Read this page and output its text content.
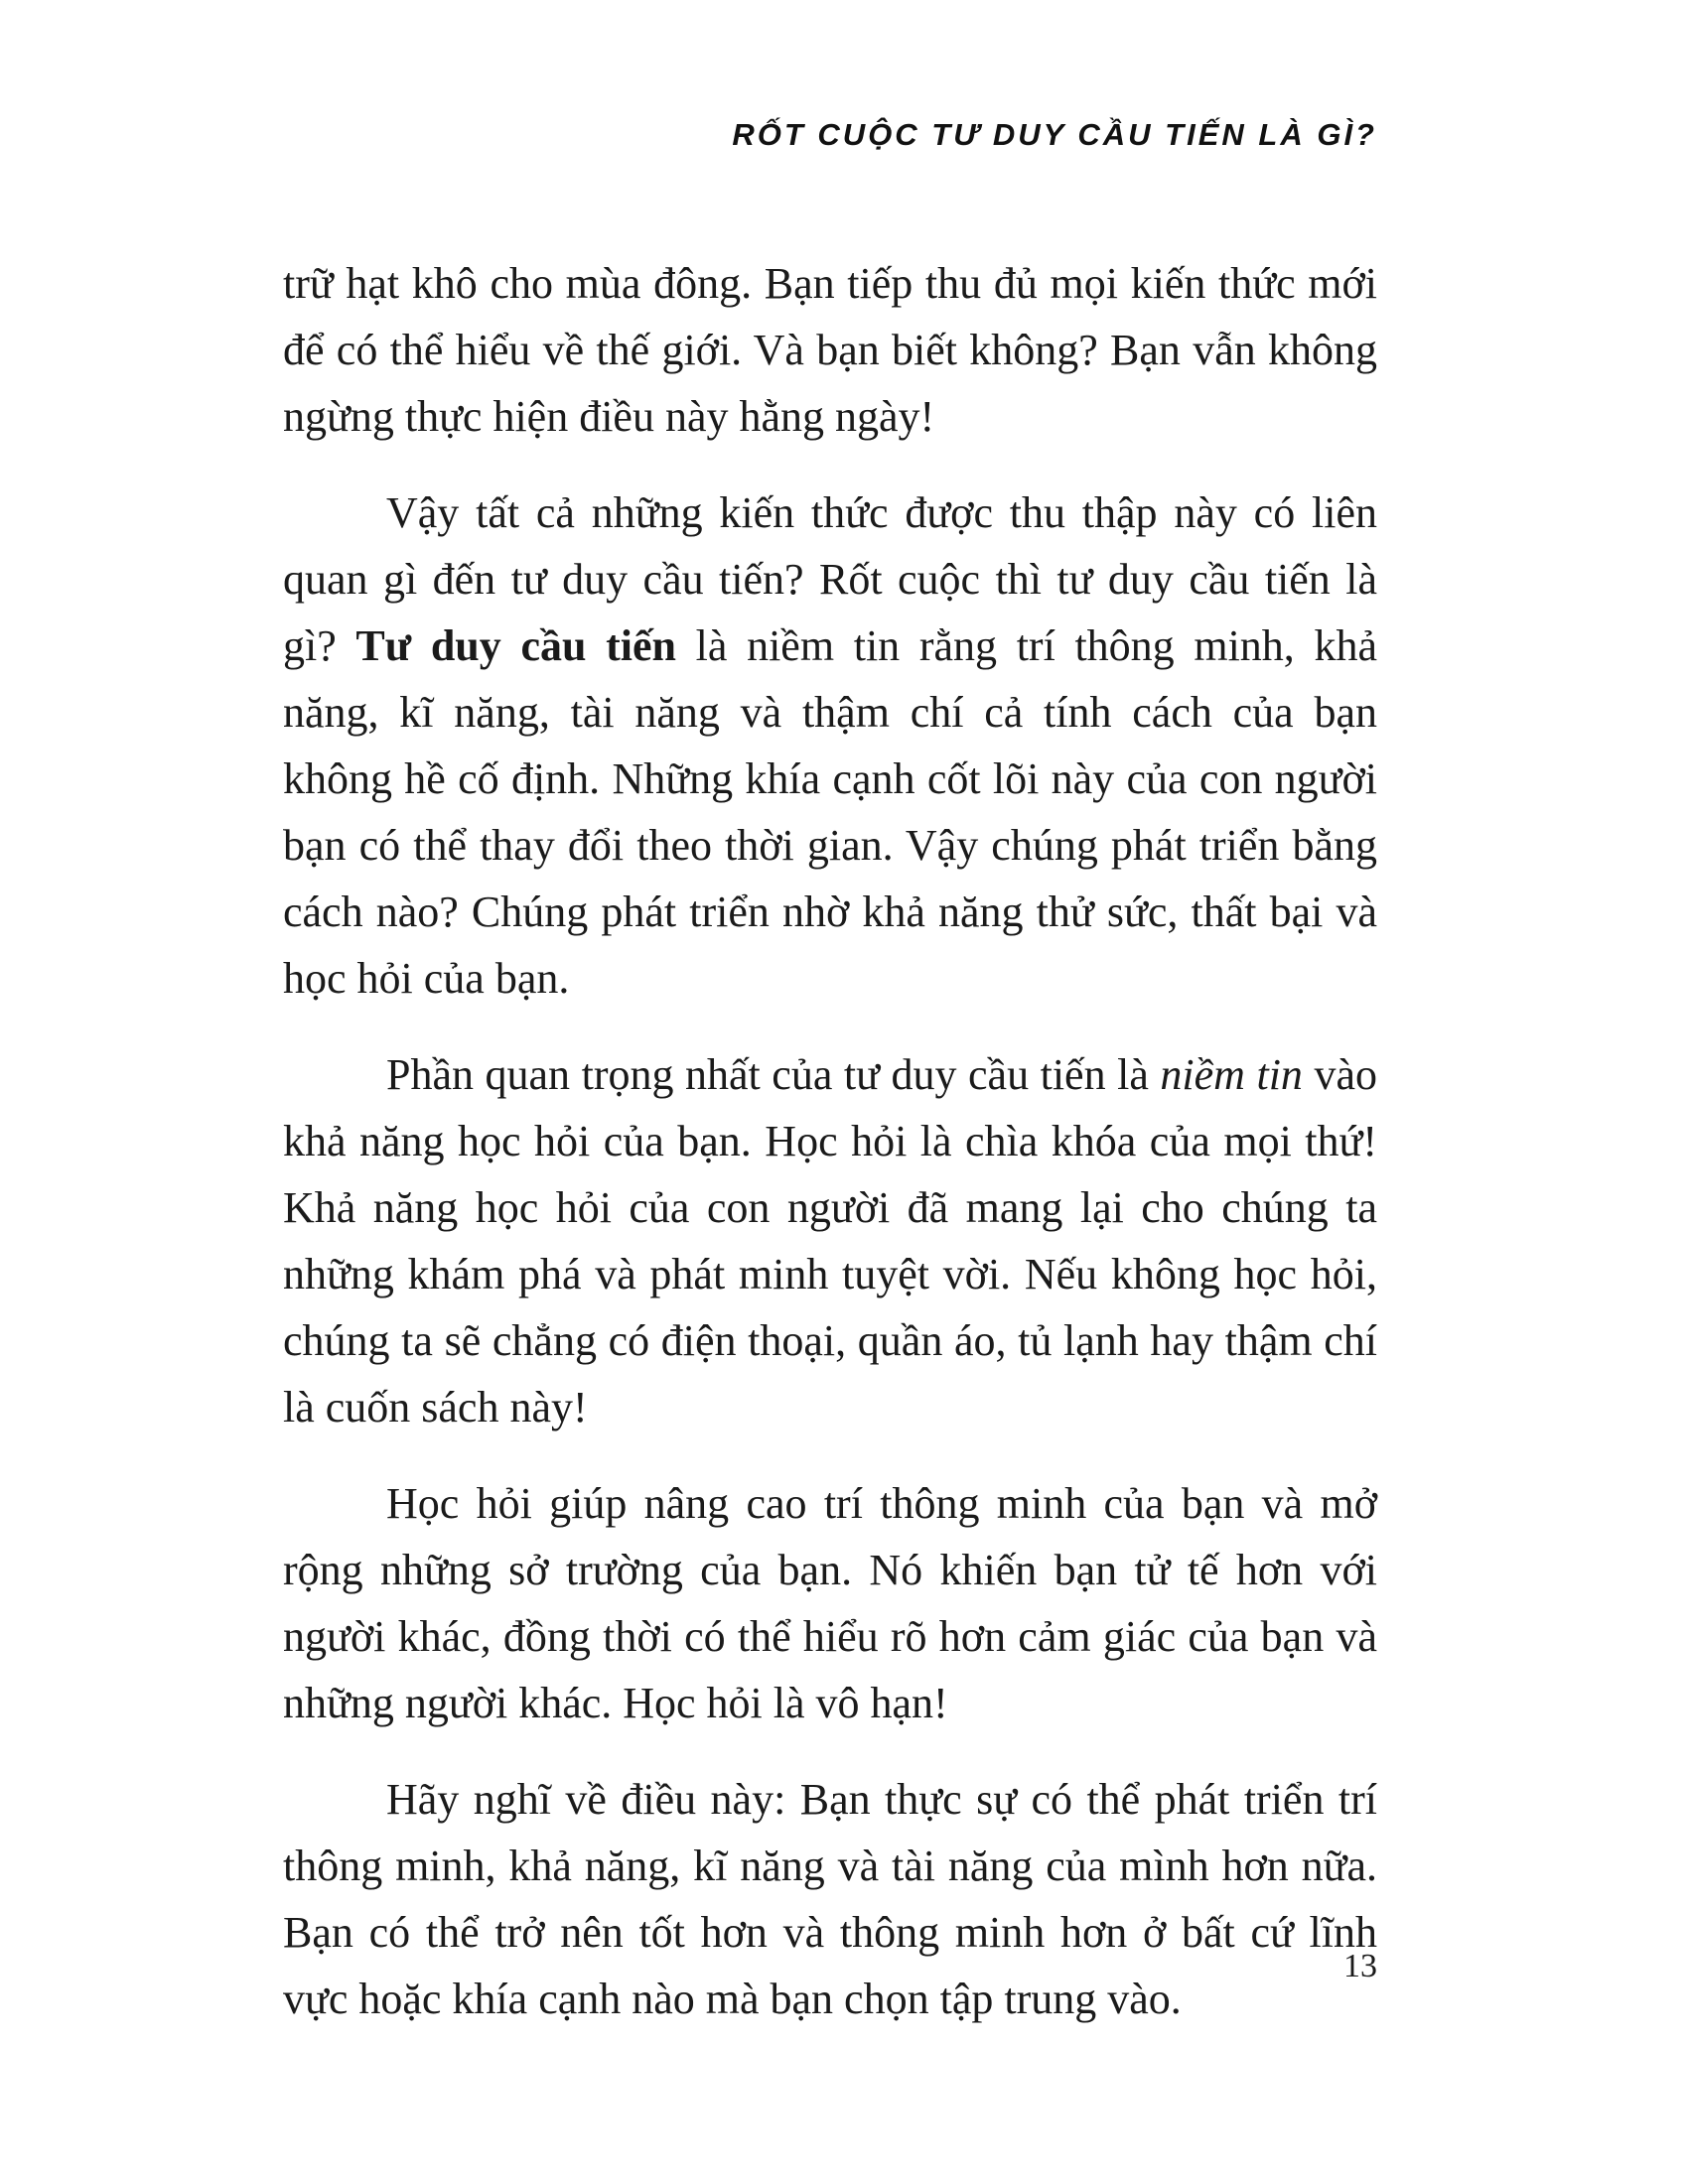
RỐT CUỘC TƯ DUY CẦU TIẾN LÀ GÌ?

trữ hạt khô cho mùa đông. Bạn tiếp thu đủ mọi kiến thức mới để có thể hiểu về thế giới. Và bạn biết không? Bạn vẫn không ngừng thực hiện điều này hằng ngày!

Vậy tất cả những kiến thức được thu thập này có liên quan gì đến tư duy cầu tiến? Rốt cuộc thì tư duy cầu tiến là gì? Tư duy cầu tiến là niềm tin rằng trí thông minh, khả năng, kĩ năng, tài năng và thậm chí cả tính cách của bạn không hề cố định. Những khía cạnh cốt lõi này của con người bạn có thể thay đổi theo thời gian. Vậy chúng phát triển bằng cách nào? Chúng phát triển nhờ khả năng thử sức, thất bại và học hỏi của bạn.

Phần quan trọng nhất của tư duy cầu tiến là niềm tin vào khả năng học hỏi của bạn. Học hỏi là chìa khóa của mọi thứ! Khả năng học hỏi của con người đã mang lại cho chúng ta những khám phá và phát minh tuyệt vời. Nếu không học hỏi, chúng ta sẽ chẳng có điện thoại, quần áo, tủ lạnh hay thậm chí là cuốn sách này!

Học hỏi giúp nâng cao trí thông minh của bạn và mở rộng những sở trường của bạn. Nó khiến bạn tử tế hơn với người khác, đồng thời có thể hiểu rõ hơn cảm giác của bạn và những người khác. Học hỏi là vô hạn!

Hãy nghĩ về điều này: Bạn thực sự có thể phát triển trí thông minh, khả năng, kĩ năng và tài năng của mình hơn nữa. Bạn có thể trở nên tốt hơn và thông minh hơn ở bất cứ lĩnh vực hoặc khía cạnh nào mà bạn chọn tập trung vào.

13
